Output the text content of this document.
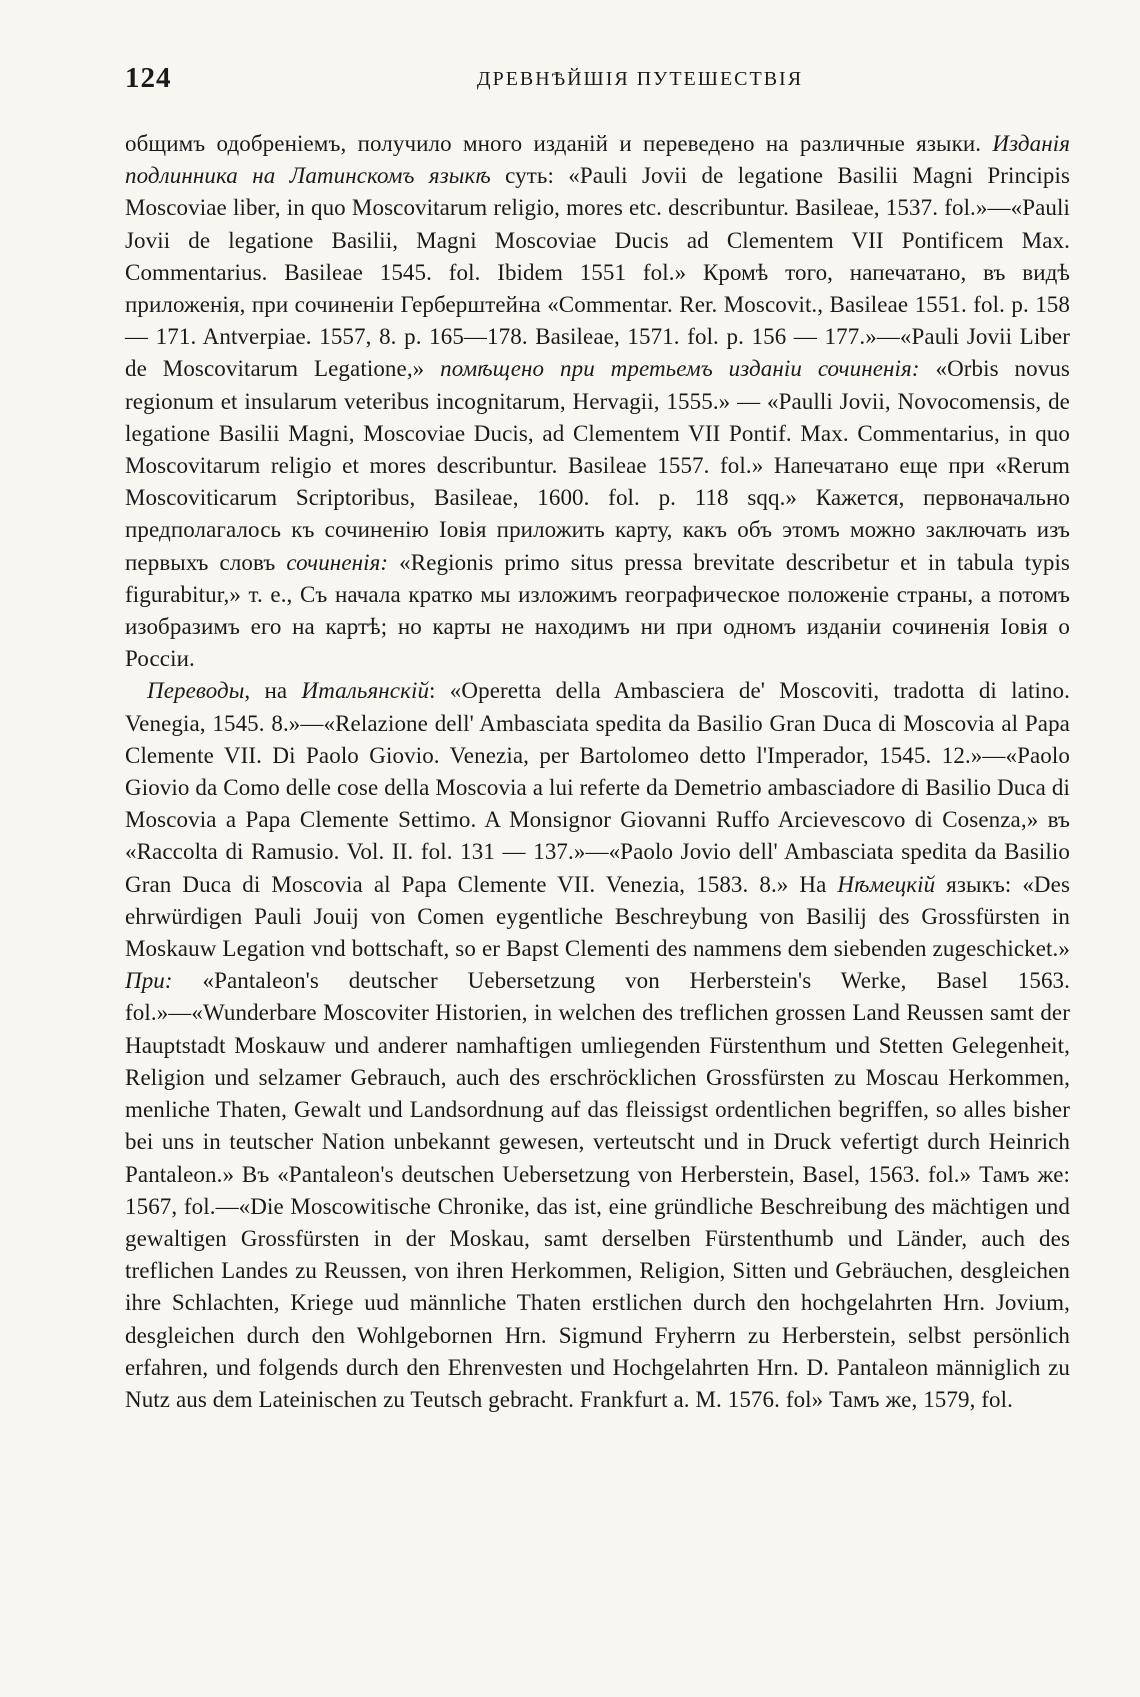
124	ДРЕВНѢЙШІЯ ПУТЕШЕСТВІЯ

общимъ одобреніемъ, получило много изданій и переведено на различные языки. Изданія подлинника на Латинскомъ языкѣ суть: «Pauli Jovii de legatione Basilii Magni Principis Moscoviae liber, in quo Moscovitarum religio, mores etc. describuntur. Basileae, 1537. fol.»—«Pauli Jovii de legatione Basilii, Magni Moscoviae Ducis ad Clementem VII Pontificem Max. Commentarius. Basileae 1545. fol. Ibidem 1551 fol.» Кромѣ того, напечатано, въ видѣ приложенія, при сочиненіи Герберштейна «Commentar. Rer. Moscovit., Basileae 1551. fol. p. 158 — 171. Antverpiae. 1557, 8. p. 165—178. Basileae, 1571. fol. p. 156 — 177.»—«Pauli Jovii Liber de Moscovitarum Legatione,» помѣщено при третьемъ изданіи сочиненія: «Orbis novus regionum et insularum veteribus incognitarum, Hervagii, 1555.» — «Paulli Jovii, Novocomensis, de legatione Basilii Magni, Moscoviae Ducis, ad Clementem VII Pontif. Max. Commentarius, in quo Moscovitarum religio et mores describuntur. Basileae 1557. fol.» Напечатано еще при «Rerum Moscoviticarum Scriptoribus, Basileae, 1600. fol. p. 118 sqq.» Кажется, первоначально предполагалось къ сочиненію Іовія приложить карту, какъ объ этомъ можно заключать изъ первыхъ словъ сочиненія: «Regionis primo situs pressa brevitate describetur et in tabula typis figurabitur,» т. е., Съ начала кратко мы изложимъ географическое положеніе страны, а потомъ изобразимъ его на картѣ; но карты не находимъ ни при одномъ изданіи сочиненія Іовія о Россіи.

Переводы, на Итальянскій: «Operetta della Ambasciera de' Moscoviti, tradotta di latino. Venegia, 1545. 8.»—«Relazione dell' Ambasciata spedita da Basilio Gran Duca di Moscovia al Papa Clemente VII. Di Paolo Giovio. Venezia, per Bartolomeo detto l'Imperador, 1545. 12.»—«Paolo Giovio da Como delle cose della Moscovia a lui referte da Demetrio ambasciadore di Basilio Duca di Moscovia a Papa Clemente Settimo. A Monsignor Giovanni Ruffo Arcievescovo di Cosenza,» въ «Raccolta di Ramusio. Vol. II. fol. 131 — 137.»—«Paolo Jovio dell' Ambasciata spedita da Basilio Gran Duca di Moscovia al Papa Clemente VII. Venezia, 1583. 8.» На Нѣмецкій языкъ: «Des ehrwürdigen Pauli Jouij von Comen eygentliche Beschreybung von Basilij des Grossfürsten in Moskauw Legation vnd bottschaft, so er Bapst Clementi des nammens dem siebenden zugeschicket.» При: «Pantaleon's deutscher Uebersetzung von Herberstein's Werke, Basel 1563. fol.»—«Wunderbare Moscoviter Historien, in welchen des treflichen grossen Land Reussen samt der Hauptstadt Moskauw und anderer namhaftigen umliegenden Fürstenthum und Stetten Gelegenheit, Religion und selzamer Gebrauch, auch des erschröcklichen Grossfürsten zu Moscau Herkommen, menliche Thaten, Gewalt und Landsordnung auf das fleissigst ordentlichen begriffen, so alles bisher bei uns in teutscher Nation unbekannt gewesen, verteutscht und in Druck vefertigt durch Heinrich Pantaleon.» Въ «Pantaleon's deutschen Uebersetzung von Herberstein, Basel, 1563. fol.» Тамъ же: 1567, fol.—«Die Moscowitische Chronike, das ist, eine gründliche Beschreibung des mächtigen und gewaltigen Grossfürsten in der Moskau, samt derselben Fürstenthumb und Länder, auch des treflichen Landes zu Reussen, von ihren Herkommen, Religion, Sitten und Gebräuchen, desgleichen ihre Schlachten, Kriege uud männliche Thaten erstlichen durch den hochgelahrten Hrn. Jovium, desgleichen durch den Wohlgebornen Hrn. Sigmund Fryherrn zu Herberstein, selbst persönlich erfahren, und folgends durch den Ehrenvesten und Hochgelahrten Hrn. D. Pantaleon männiglich zu Nutz aus dem Lateinischen zu Teutsch gebracht. Frankfurt a. M. 1576. fol» Тамъ же, 1579, fol.
